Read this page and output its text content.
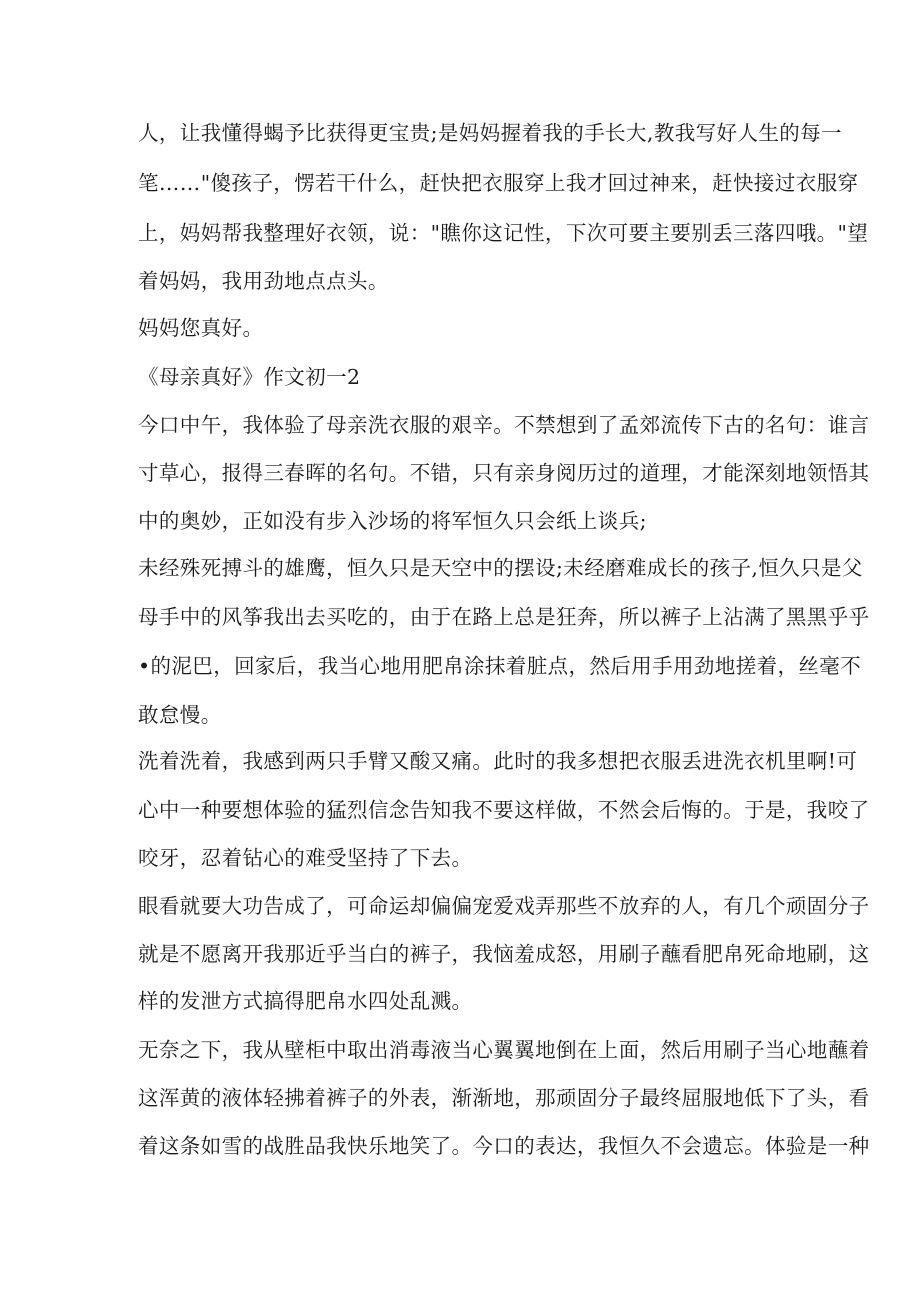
人，让我懂得蝎予比获得更宝贵;是妈妈握着我的手长大,教我写好人生的每一
笔……"傻孩子，愣若干什么，赶快把衣服穿上我才回过神来，赶快接过衣服穿
上，妈妈帮我整理好衣领，说："瞧你这记性，下次可要主要别丢三落四哦。"望
着妈妈，我用劲地点点头。
妈妈您真好。
《母亲真好》作文初一2
今口中午，我体验了母亲洗衣服的艰辛。不禁想到了孟郊流传下古的名句：谁言
寸草心，报得三春晖的名句。不错，只有亲身阅历过的道理，才能深刻地领悟其
中的奥妙，正如没有步入沙场的将军恒久只会纸上谈兵;
未经殊死搏斗的雄鹰，恒久只是天空中的摆设;未经磨难成长的孩子,恒久只是父
母手中的风筝我出去买吃的，由于在路上总是狂奔，所以裤子上沾满了黑黑乎乎
•的泥巴，回家后，我当心地用肥帛涂抹着脏点，然后用手用劲地搓着，丝毫不
敢怠慢。
洗着洗着，我感到两只手臂又酸又痛。此时的我多想把衣服丢进洗衣机里啊!可
心中一种要想体验的猛烈信念告知我不要这样做，不然会后悔的。于是，我咬了
咬牙，忍着钻心的难受坚持了下去。
眼看就要大功告成了，可命运却偏偏宠爱戏弄那些不放弃的人，有几个顽固分子
就是不愿离开我那近乎当白的裤子，我恼羞成怒，用刷子蘸看肥帛死命地刷，这
样的发泄方式搞得肥帛水四处乱溅。
无奈之下，我从壁柜中取出消毒液当心翼翼地倒在上面，然后用刷子当心地蘸着
这浑黄的液体轻拂着裤子的外表，渐渐地，那顽固分子最终屈服地低下了头，看
着这条如雪的战胜品我快乐地笑了。今口的表达，我恒久不会遗忘。体验是一种
